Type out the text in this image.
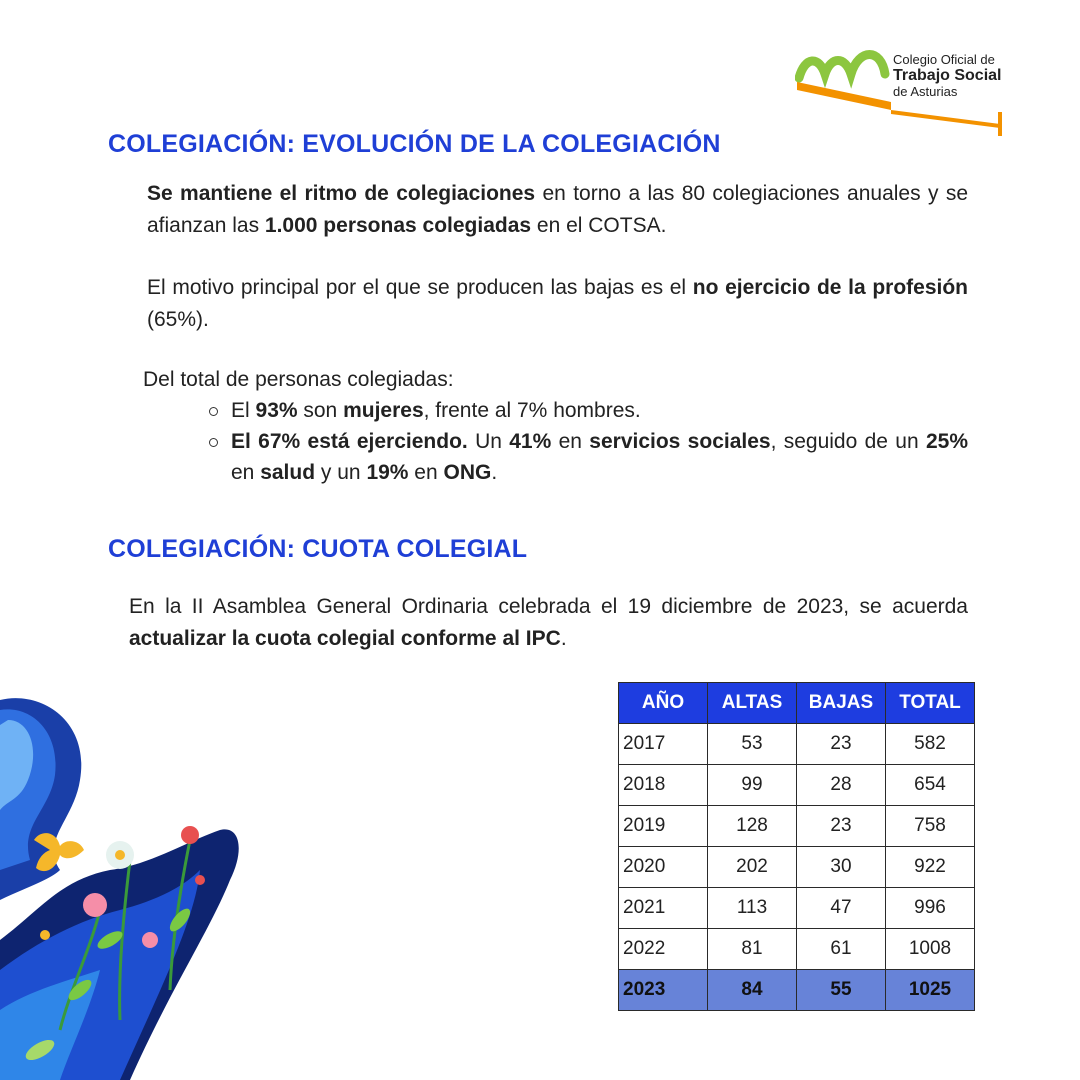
Colegio Oficial de
Trabajo Social
de Asturias
COLEGIACIÓN: EVOLUCIÓN DE LA COLEGIACIÓN

Se mantiene el ritmo de colegiaciones en torno a las 80 colegiaciones anuales y se afianzan las 1.000 personas colegiadas en el COTSA.

El motivo principal por el que se producen las bajas es el no ejercicio de la profesión (65%).

Del total de personas colegiadas:

El 93% son mujeres, frente al 7% hombres.
El 67% está ejerciendo. Un 41% en servicios sociales, seguido de un 25% en salud y un 19% en ONG.
COLEGIACIÓN: CUOTA COLEGIAL

En la II Asamblea General Ordinaria celebrada el 19 diciembre de 2023, se acuerda actualizar la cuota colegial conforme al IPC.

AÑO	ALTAS	BAJAS	TOTAL
2017	53	23	582
2018	99	28	654
2019	128	23	758
2020	202	30	922
2021	113	47	996
2022	81	61	1008
2023	84	55	1025
